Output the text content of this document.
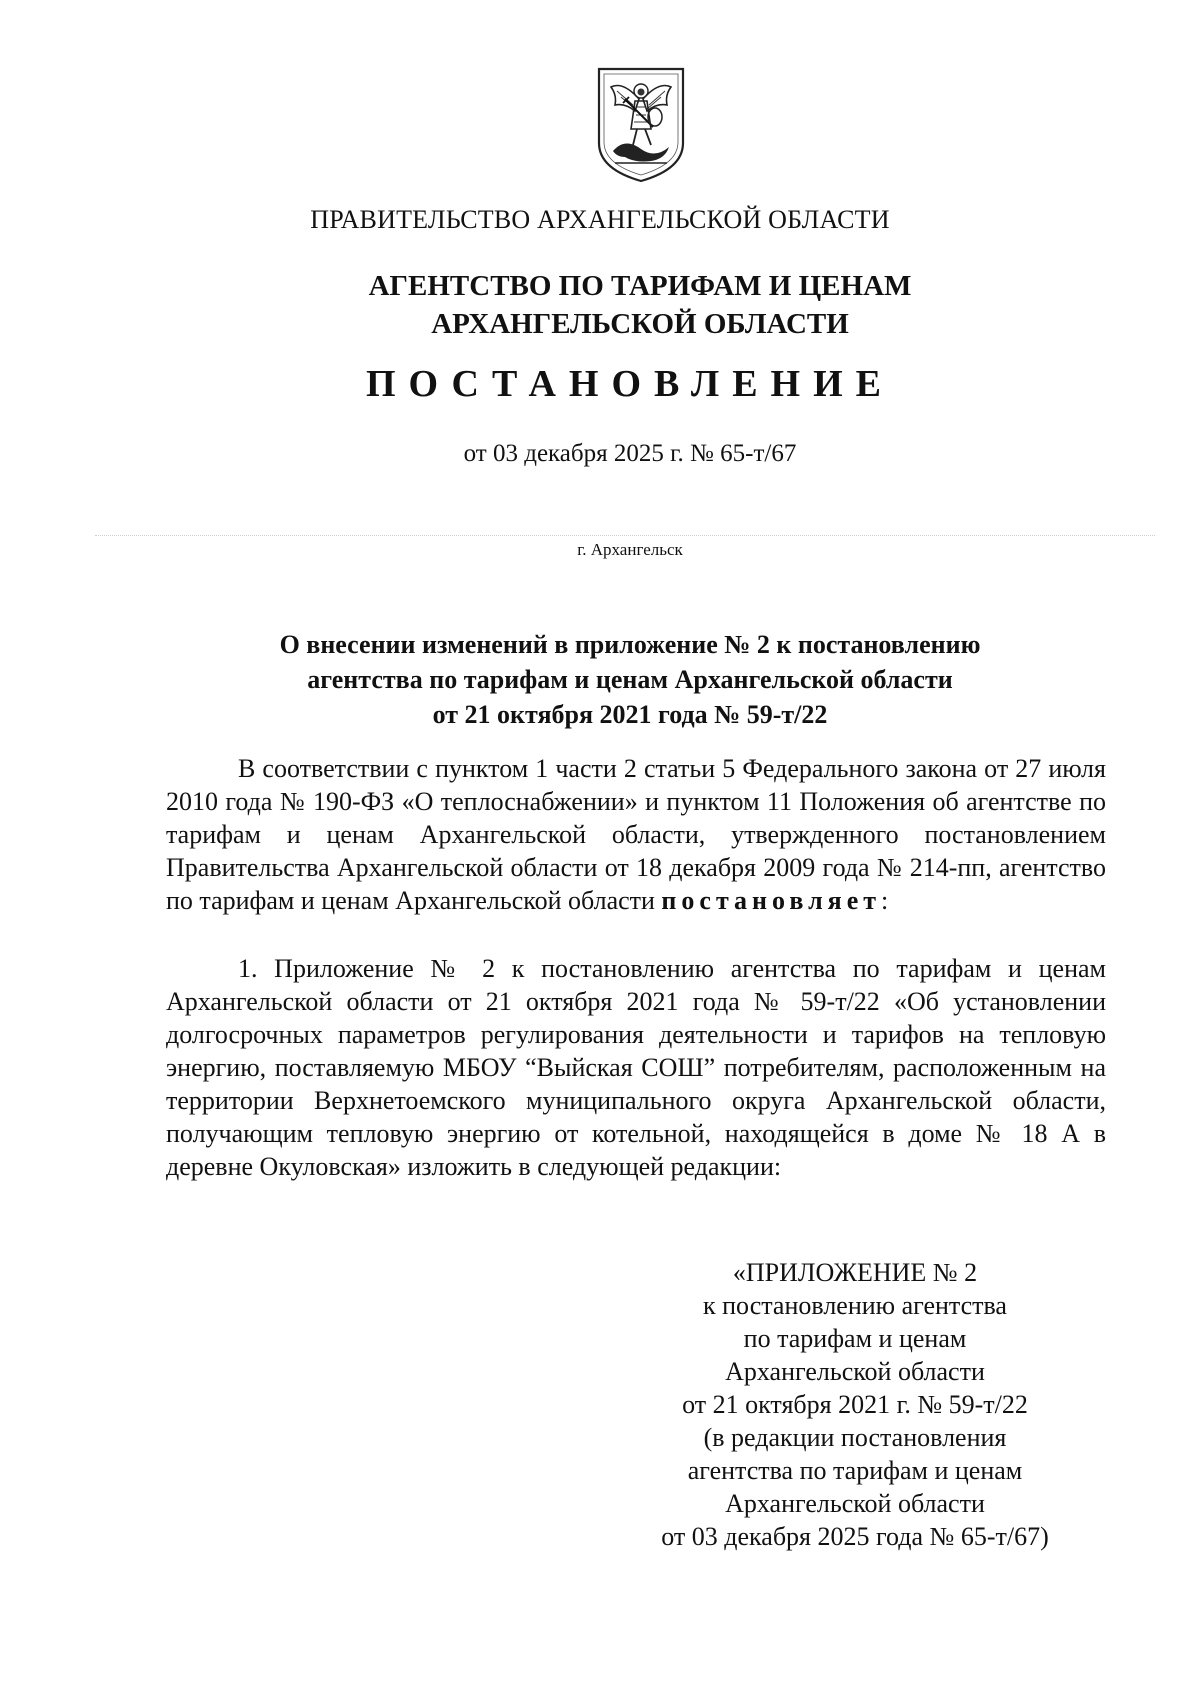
ПРАВИТЕЛЬСТВО АРХАНГЕЛЬСКОЙ ОБЛАСТИ
АГЕНТСТВО ПО ТАРИФАМ И ЦЕНАМ
АРХАНГЕЛЬСКОЙ ОБЛАСТИ
ПОСТАНОВЛЕНИЕ
от 03 декабря 2025 г. № 65-т/67
г. Архангельск
О внесении изменений в приложение № 2 к постановлению
агентства по тарифам и ценам Архангельской области
от 21 октября 2021 года № 59-т/22
В соответствии с пунктом 1 части 2 статьи 5 Федерального закона от 27 июля 2010 года № 190-ФЗ «О теплоснабжении» и пунктом 11 Положения об агентстве по тарифам и ценам Архангельской области, утвержденного постановлением Правительства Архангельской области от 18 декабря 2009 года № 214-пп, агентство по тарифам и ценам Архангельской области постановляет:
1. Приложение № 2 к постановлению агентства по тарифам и ценам Архангельской области от 21 октября 2021 года № 59-т/22 «Об установлении долгосрочных параметров регулирования деятельности и тарифов на тепловую энергию, поставляемую МБОУ “Выйская СОШ” потребителям, расположенным на территории Верхнетоемского муниципального округа Архангельской области, получающим тепловую энергию от котельной, находящейся в доме № 18 А в деревне Окуловская» изложить в следующей редакции:
«ПРИЛОЖЕНИЕ № 2
к постановлению агентства
по тарифам и ценам
Архангельской области
от 21 октября 2021 г. № 59-т/22
(в редакции постановления
агентства по тарифам и ценам
Архангельской области
от 03 декабря 2025 года № 65-т/67)
